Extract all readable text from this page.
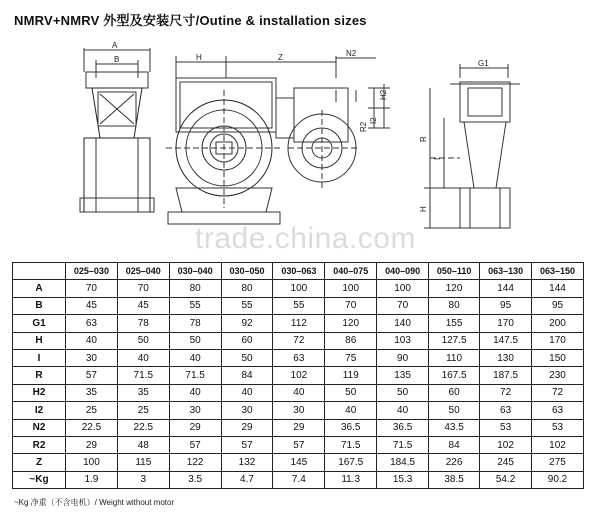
NMRV+NMRV 外型及安装尺寸/Outine & installation sizes
A
B	H	Z	N2
H2
I2
R2
G1
R
I
H
trade.china.com
	025–030	025–040	030–040	030–050	030–063	040–075	040–090	050–110	063–130	063–150
A	70	70	80	80	100	100	100	120	144	144
B	45	45	55	55	55	70	70	80	95	95
G1	63	78	78	92	112	120	140	155	170	200
H	40	50	50	60	72	86	103	127.5	147.5	170
I	30	40	40	50	63	75	90	110	130	150
R	57	71.5	71.5	84	102	119	135	167.5	187.5	230
H2	35	35	40	40	40	50	50	60	72	72
I2	25	25	30	30	30	40	40	50	63	63
N2	22.5	22.5	29	29	29	36.5	36.5	43.5	53	53
R2	29	48	57	57	57	71.5	71.5	84	102	102
Z	100	115	122	132	145	167.5	184.5	226	245	275
~Kg	1.9	3	3.5	4.7	7.4	11.3	15.3	38.5	54.2	90.2
~Kg 净重（不含电机）/ Weight without motor
